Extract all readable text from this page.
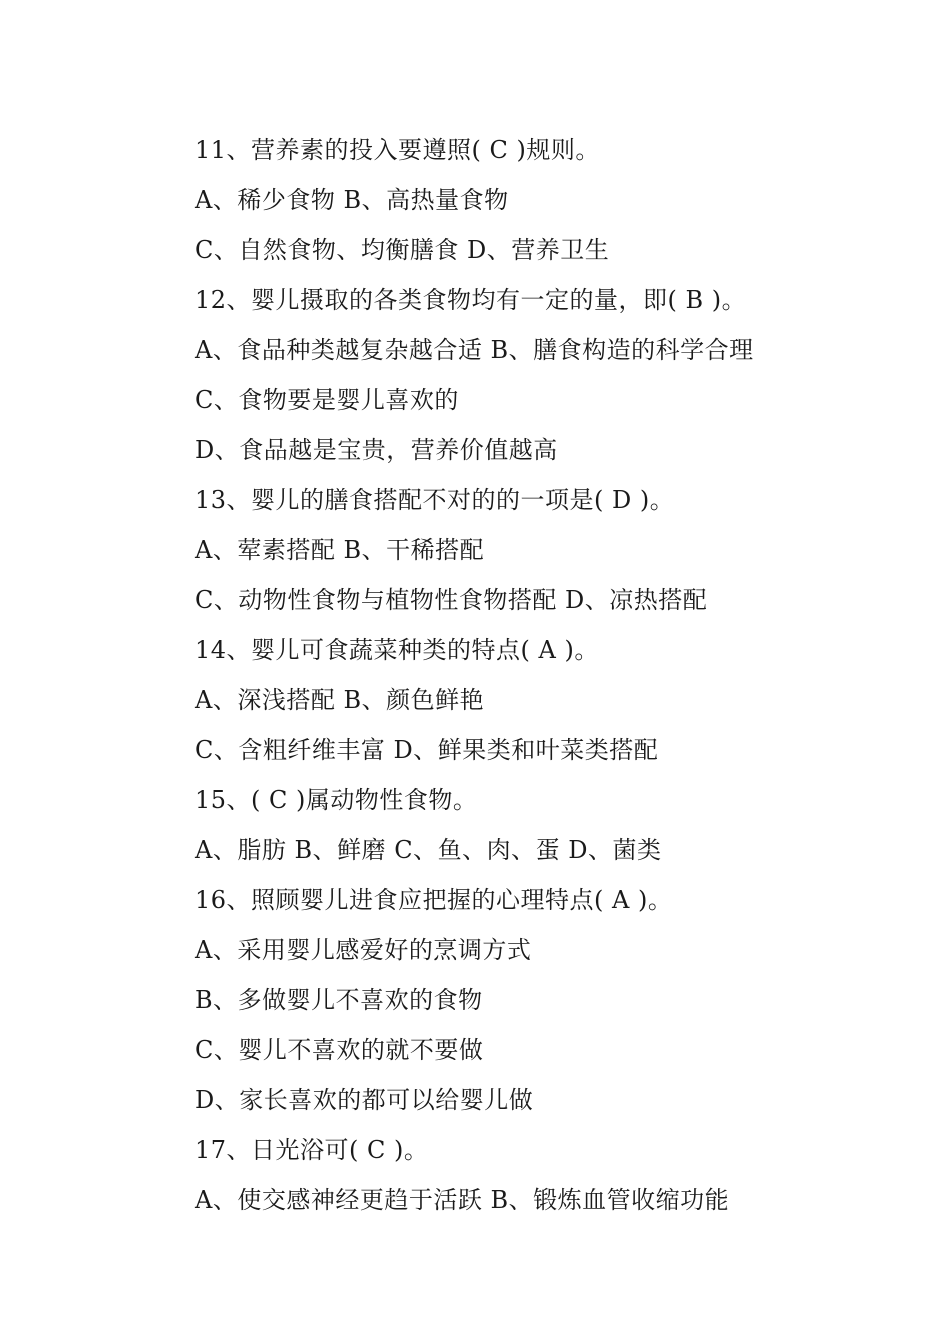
11、营养素的投入要遵照( C )规则。
A、稀少食物 B、高热量食物
C、自然食物、均衡膳食 D、营养卫生
12、婴儿摄取的各类食物均有一定的量，即( B )。
A、食品种类越复杂越合适 B、膳食构造的科学合理
C、食物要是婴儿喜欢的
D、食品越是宝贵，营养价值越高
13、婴儿的膳食搭配不对的的一项是( D )。
A、荤素搭配 B、干稀搭配
C、动物性食物与植物性食物搭配 D、凉热搭配
14、婴儿可食蔬菜种类的特点( A )。
A、深浅搭配 B、颜色鲜艳
C、含粗纤维丰富 D、鲜果类和叶菜类搭配
15、( C )属动物性食物。
A、脂肪 B、鲜磨 C、鱼、肉、蛋 D、菌类
16、照顾婴儿进食应把握的心理特点( A )。
A、采用婴儿感爱好的烹调方式
B、多做婴儿不喜欢的食物
C、婴儿不喜欢的就不要做
D、家长喜欢的都可以给婴儿做
17、日光浴可( C )。
A、使交感神经更趋于活跃 B、锻炼血管收缩功能
